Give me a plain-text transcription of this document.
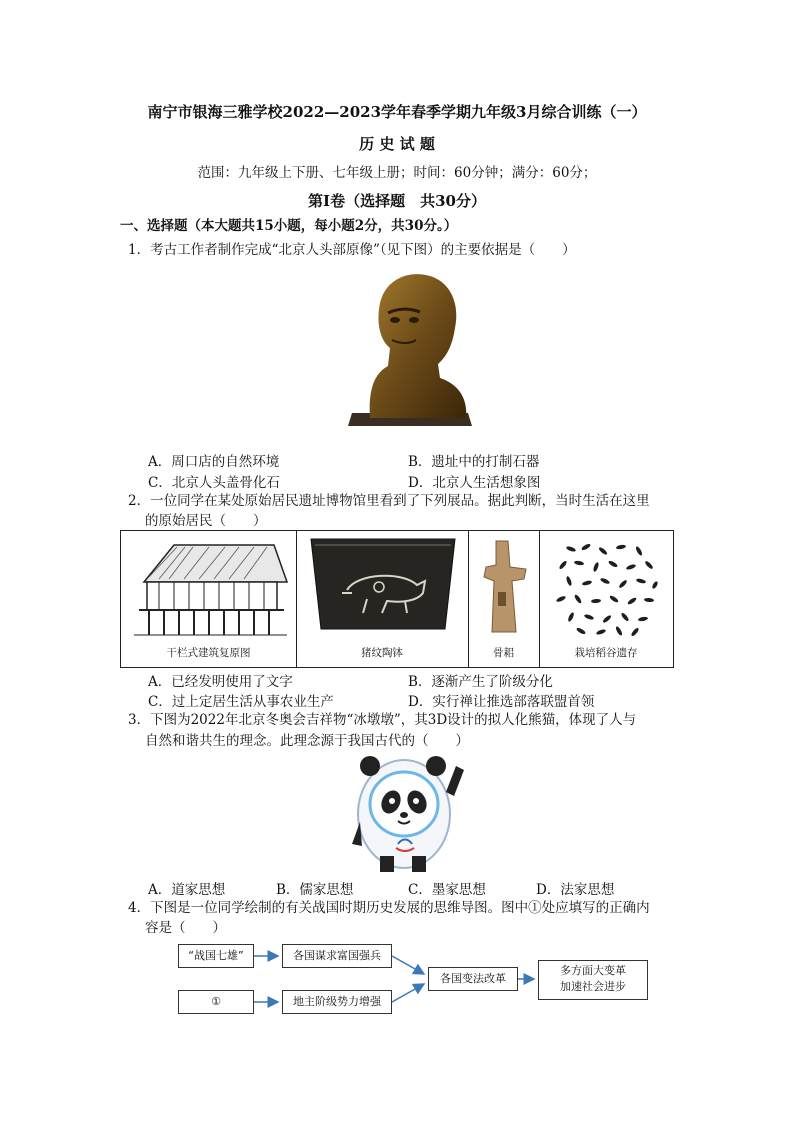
南宁市银海三雅学校2022—2023学年春季学期九年级3月综合训练（一）
历 史 试 题
范围：九年级上下册、七年级上册；时间：60分钟；满分：60分；
第Ⅰ卷（选择题　共30分）
一、选择题（本大题共15小题，每小题2分，共30分。）
1．考古工作者制作完成“北京人头部原像”（见下图）的主要依据是（　　）
A．周口店的自然环境	B．遗址中的打制石器
C．北京人头盖骨化石	D．北京人生活想象图
2．一位同学在某处原始居民遗址博物馆里看到了下列展品。据此判断，当时生活在这里
的原始居民（　　）
干栏式建筑复原图	猪纹陶钵	骨耜	栽培稻谷遗存
A．已经发明使用了文字	B．逐渐产生了阶级分化
C．过上定居生活从事农业生产	D．实行禅让推选部落联盟首领
3．下图为2022年北京冬奥会吉祥物“冰墩墩”，其3D设计的拟人化熊猫，体现了人与
自然和谐共生的理念。此理念源于我国古代的（　　）
A．道家思想	B．儒家思想	C．墨家思想	D．法家思想
4．下图是一位同学绘制的有关战国时期历史发展的思维导图。图中①处应填写的正确内
容是（　　）
“战国七雄”	各国谋求富国强兵
①	地主阶级势力增强
各国变法改革
多方面大变革
加速社会进步
